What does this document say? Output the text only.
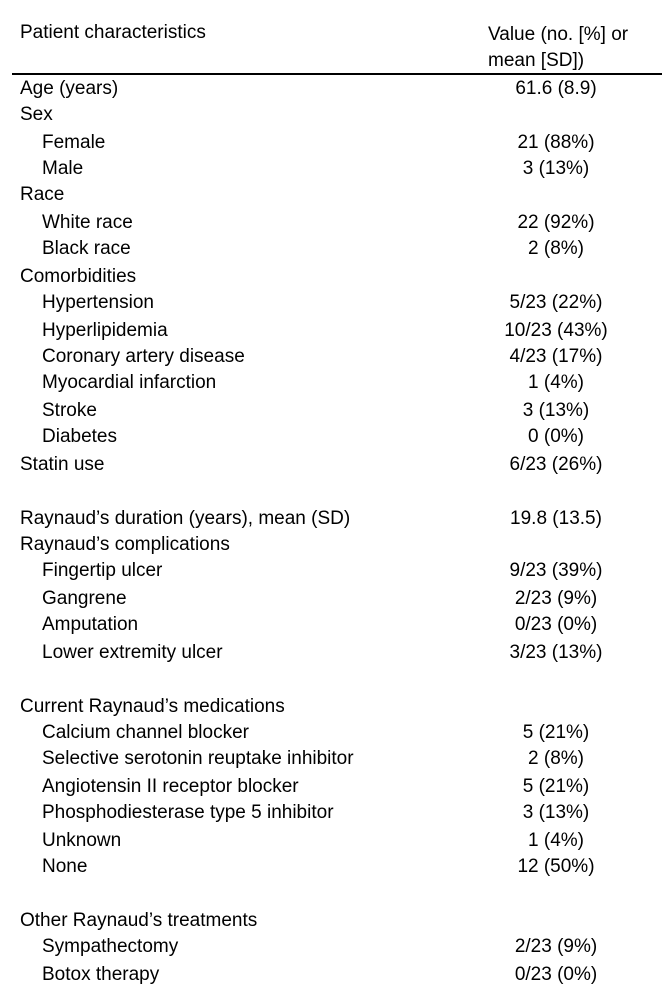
Patient characteristics	Value (no. [%] or
mean [SD])
Age (years)	61.6 (8.9)
Sex
Female	21 (88%)
Male	3 (13%)
Race
White race	22 (92%)
Black race	2 (8%)
Comorbidities
Hypertension	5/23 (22%)
Hyperlipidemia	10/23 (43%)
Coronary artery disease	4/23 (17%)
Myocardial infarction	1 (4%)
Stroke	3 (13%)
Diabetes	0 (0%)
Statin use	6/23 (26%)
Raynaud’s duration (years), mean (SD)	19.8 (13.5)
Raynaud’s complications
Fingertip ulcer	9/23 (39%)
Gangrene	2/23 (9%)
Amputation	0/23 (0%)
Lower extremity ulcer	3/23 (13%)
Current Raynaud’s medications
Calcium channel blocker	5 (21%)
Selective serotonin reuptake inhibitor	2 (8%)
Angiotensin II receptor blocker	5 (21%)
Phosphodiesterase type 5 inhibitor	3 (13%)
Unknown	1 (4%)
None	12 (50%)
Other Raynaud’s treatments
Sympathectomy	2/23 (9%)
Botox therapy	0/23 (0%)
